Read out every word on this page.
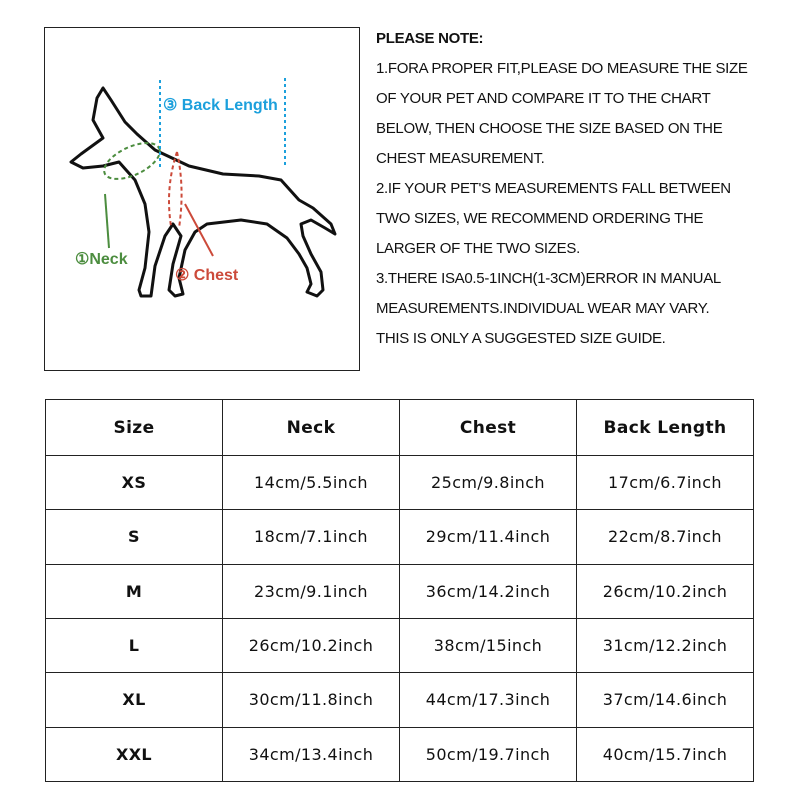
③ Back Length
①Neck
② Chest
PLEASE NOTE:
1.FORA PROPER FIT,PLEASE DO MEASURE THE SIZE
OF YOUR PET AND COMPARE IT TO THE CHART
BELOW, THEN CHOOSE THE SIZE BASED ON THE
CHEST MEASUREMENT.
2.IF YOUR PET'S MEASUREMENTS FALL BETWEEN
TWO SIZES, WE RECOMMEND ORDERING THE
LARGER OF THE TWO SIZES.
3.THERE ISA0.5-1INCH(1-3CM)ERROR IN MANUAL
MEASUREMENTS.INDIVIDUAL WEAR MAY VARY.
THIS IS ONLY A SUGGESTED SIZE GUIDE.
Size	Neck	Chest	Back Length
XS	14cm/5.5inch	25cm/9.8inch	17cm/6.7inch
S	18cm/7.1inch	29cm/11.4inch	22cm/8.7inch
M	23cm/9.1inch	36cm/14.2inch	26cm/10.2inch
L	26cm/10.2inch	38cm/15inch	31cm/12.2inch
XL	30cm/11.8inch	44cm/17.3inch	37cm/14.6inch
XXL	34cm/13.4inch	50cm/19.7inch	40cm/15.7inch
